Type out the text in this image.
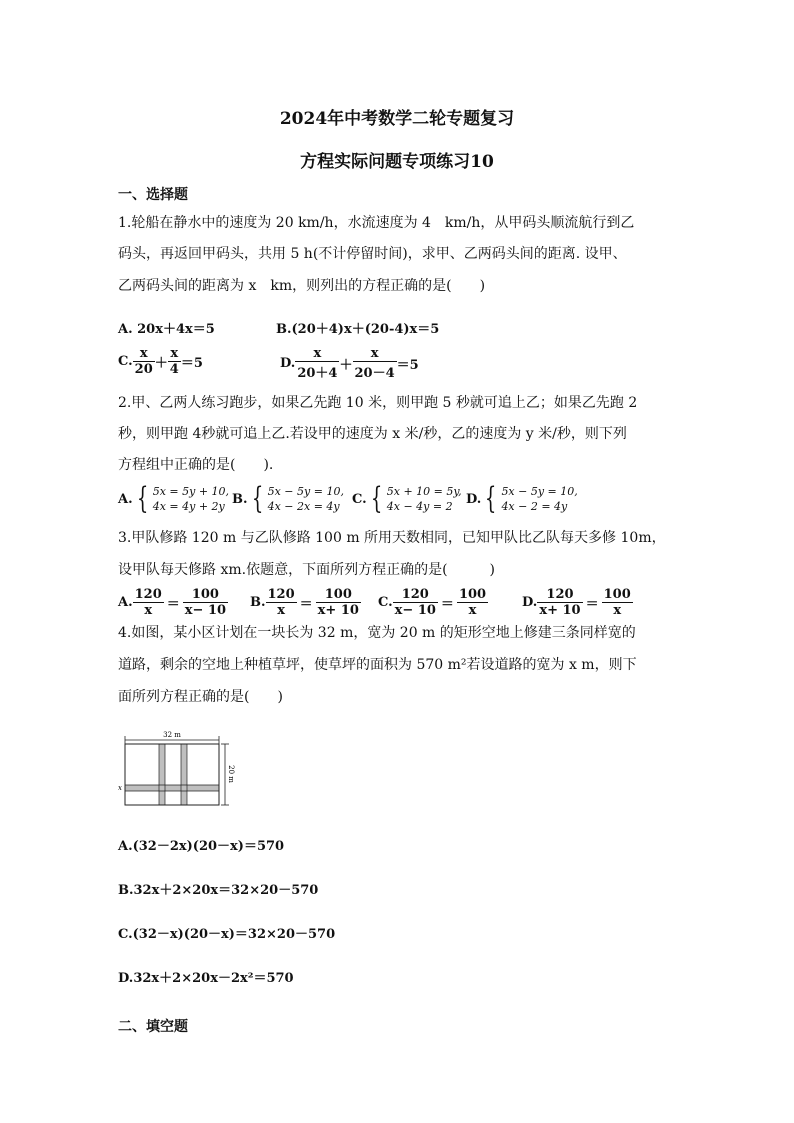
2024年中考数学二轮专题复习
方程实际问题专项练习10
一、选择题
1.轮船在静水中的速度为 20 km/h，水流速度为 4　km/h，从甲码头顺流航行到乙
码头，再返回甲码头，共用 5 h(不计停留时间)，求甲、乙两码头间的距离. 设甲、
乙两码头间的距离为 x　km，则列出的方程正确的是(　　)
A. 20x＋4x＝5	B.(20＋4)x＋(20-4)x＝5
C. $\frac{x}{20} + \frac{x}{4} =5$	D. $\frac{x}{20+4} + \frac{x}{20-4} =5$
2.甲、乙两人练习跑步，如果乙先跑 10 米，则甲跑 5 秒就可追上乙；如果乙先跑 2
秒，则甲跑 4秒就可追上乙.若设甲的速度为 x 米/秒，乙的速度为 y 米/秒，则下列
方程组中正确的是(　　).
A. { 5x = 5y + 10,
4x = 4y + 2y B. { 5x − 5y = 10,
4x − 2x = 4y C. { 5x + 10 = 5y,
4x − 4y = 2	D. { 5x − 5y = 10,
4x − 2 = 4y
3.甲队修路 120 m 与乙队修路 100 m 所用天数相同，已知甲队比乙队每天多修 10m，
设甲队每天修路 xm.依题意，下面所列方程正确的是(　　　)
A. $\frac{120}{x} = \frac{100}{x- 10} B$. $\frac{120}{x} = \frac{100}{x+ 10} C$. $\frac{120}{x- 10} = \frac{100}{x}$	D. $\frac{120}{x+ 10} = \frac{100}{x}$
4.如图，某小区计划在一块长为 32 m，宽为 20 m 的矩形空地上修建三条同样宽的
道路，剩余的空地上种植草坪，使草坪的面积为 570 m²若设道路的宽为 x m，则下
面所列方程正确的是(　　)
32 m
20 m
x
A.(32－2x)(20－x)＝570
B.32x＋2×20x＝32×20－570
C.(32－x)(20－x)＝32×20－570
D.32x＋2×20x－2x²＝570
二、填空题
